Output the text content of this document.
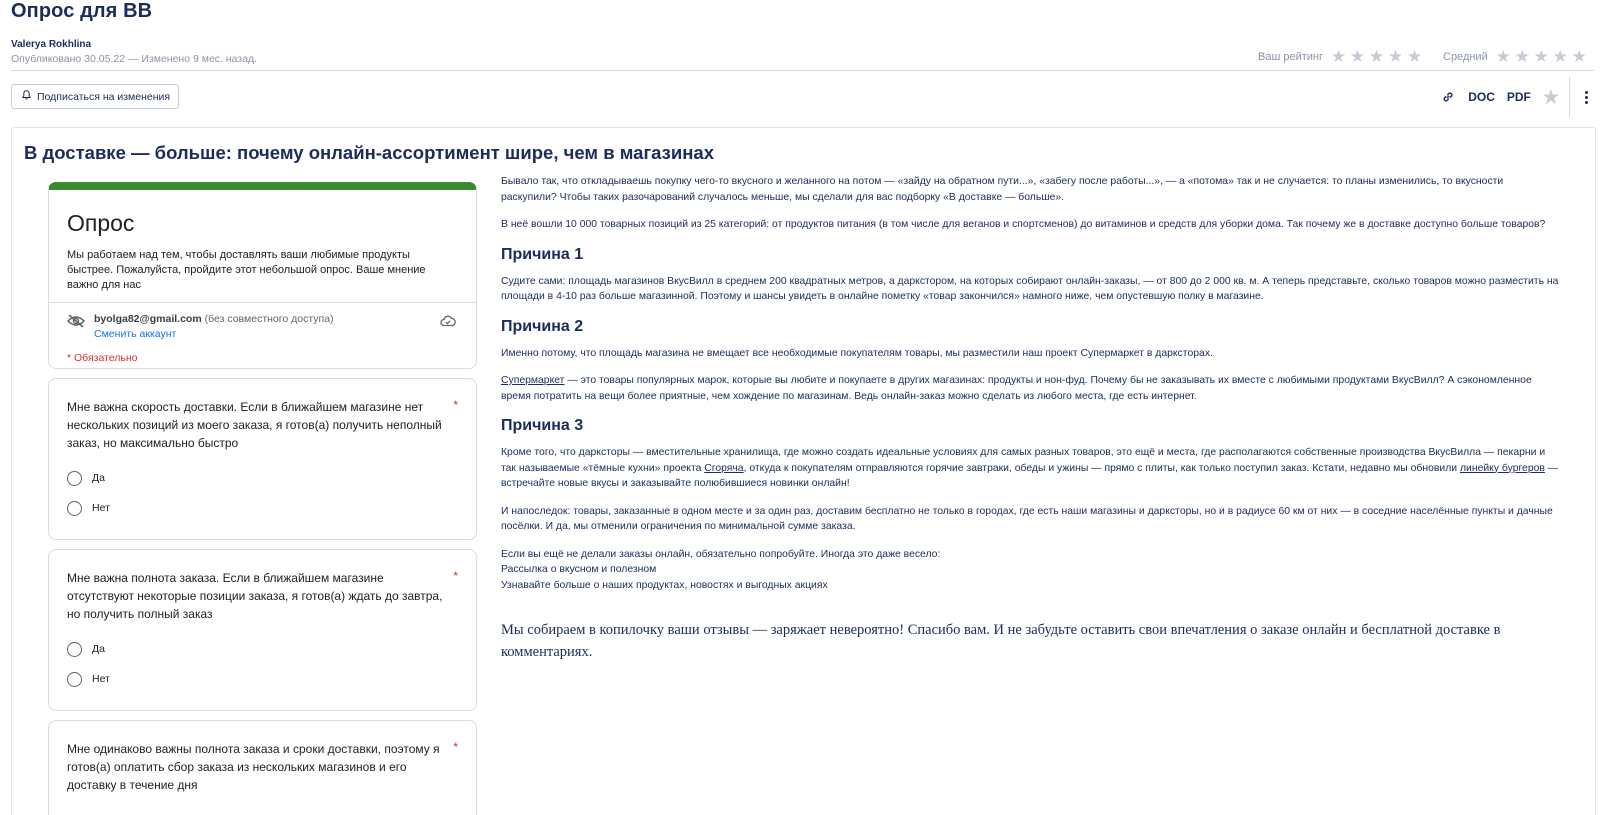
Опрос для ВВ
Valerya Rokhlina
Опубликовано 30.05.22 — Изменено 9 мес. назад.	Ваш рейтинг ★ ★ ★ ★ ★ Средний ★ ★ ★ ★ ★
Подписаться на изменения	DOC PDF ★
В доставке — больше: почему онлайн-ассортимент шире, чем в магазинах
Опрос
Мы работаем над тем, чтобы доставлять ваши любимые продукты быстрее. Пожалуйста, пройдите этот небольшой опрос. Ваше мнение важно для нас
byolga82@gmail.com (без совместного доступа)
Сменить аккаунт
* Обязательно
Мне важна скорость доставки. Если в ближайшем магазине нет нескольких позиций из моего заказа, я готов(а) получить неполный заказ, но максимально быстро
*
Да
Нет
Мне важна полнота заказа. Если в ближайшем магазине отсутствуют некоторые позиции заказа, я готов(а) ждать до завтра, но получить полный заказ
*
Да
Нет
Мне одинаково важны полнота заказа и сроки доставки, поэтому я готов(а) оплатить сбор заказа из нескольких магазинов и его доставку в течение дня
*

Бывало так, что откладываешь покупку чего-то вкусного и желанного на потом — «зайду на обратном пути...», «забегу после работы...», — а «потома» так и не случается: то планы изменились, то вкусности раскупили? Чтобы таких разочарований случалось меньше, мы сделали для вас подборку «В доставке — больше».

В неё вошли 10 000 товарных позиций из 25 категорий: от продуктов питания (в том числе для веганов и спортсменов) до витаминов и средств для уборки дома. Так почему же в доставке доступно больше товаров?

Причина 1

Судите сами: площадь магазинов ВкусВилл в среднем 200 квадратных метров, а даркстором, на которых собирают онлайн-заказы, — от 800 до 2 000 кв. м. А теперь представьте, сколько товаров можно разместить на площади в 4-10 раз больше магазинной. Поэтому и шансы увидеть в онлайне пометку «товар закончился» намного ниже, чем опустевшую полку в магазине.

Причина 2

Именно потому, что площадь магазина не вмещает все необходимые покупателям товары, мы разместили наш проект Супермаркет в даркстoрах.

Супермаркет — это товары популярных марок, которые вы любите и покупаете в других магазинах: продукты и нон-фуд. Почему бы не заказывать их вместе с любимыми продуктами ВкусВилл? А сэкономленное время потратить на вещи более приятные, чем хождение по магазинам. Ведь онлайн-заказ можно сделать из любого места, где есть интернет.

Причина 3

Кроме того, что даркстoры — вместительные хранилища, где можно создать идеальные условиях для самых разных товаров, это ещё и места, где располагаются собственные производства ВкусВилла — пекарни и так называемые «тёмные кухни» проекта Сгоряча, откуда к покупателям отправляются горячие завтраки, обеды и ужины — прямо с плиты, как только поступил заказ. Кстати, недавно мы обновили линейку бургеров — встречайте новые вкусы и заказывайте полюбившиеся новинки онлайн!

И напоследок: товары, заказанные в одном месте и за один раз, доставим бесплатно не только в городах, где есть наши магазины и даркстoры, но и в радиусе 60 км от них — в соседние населённые пункты и дачные посёлки. И да, мы отменили ограничения по минимальной сумме заказа.

Если вы ещё не делали заказы онлайн, обязательно попробуйте. Иногда это даже весело:

Рассылка о вкусном и полезном

Узнавайте больше о наших продуктах, новостях и выгодных акциях

Мы собираем в копилочку ваши отзывы — заряжает невероятно! Спасибо вам. И не забудьте оставить свои впечатления о заказе онлайн и бесплатной доставке в комментариях.
